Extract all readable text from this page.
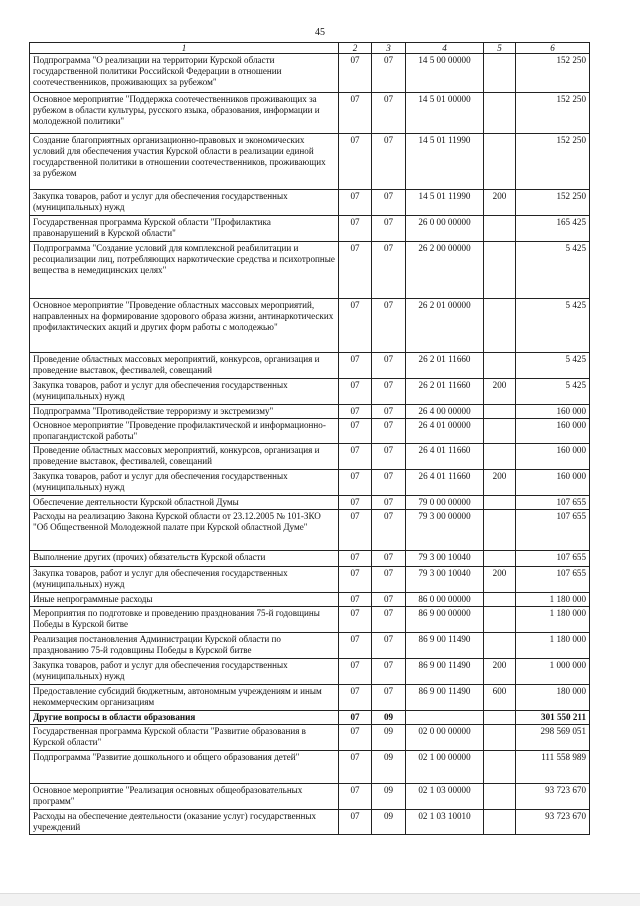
45
1	2	3	4	5	6
Подпрограмма "О реализации на территории Курской области государственной политики Российской Федерации в отношении соотечественников, проживающих за рубежом"	07	07	14 5 00 00000		152 250
Основное мероприятие "Поддержка соотечественников проживающих за рубежом в области культуры, русского языка, образования, информации и молодежной политики"	07	07	14 5 01 00000		152 250
Создание благоприятных организационно-правовых и экономических условий для обеспечения участия Курской области в реализации единой государственной политики в отношении соотечественников, проживающих за рубежом	07	07	14 5 01 11990		152 250
Закупка товаров, работ и услуг для обеспечения государственных (муниципальных) нужд	07	07	14 5 01 11990	200	152 250
Государственная программа Курской области "Профилактика правонарушений в Курской области"	07	07	26 0 00 00000		165 425
Подпрограмма "Создание условий для комплексной реабилитации и ресоциализации лиц, потребляющих наркотические средства и психотропные вещества в немедицинских целях"	07	07	26 2 00 00000		5 425
Основное мероприятие "Проведение областных массовых мероприятий, направленных на формирование здорового образа жизни, антинаркотических профилактических акций и других форм работы с молодежью"	07	07	26 2 01 00000		5 425
Проведение областных массовых мероприятий, конкурсов, организация и проведение выставок, фестивалей, совещаний	07	07	26 2 01 11660		5 425
Закупка товаров, работ и услуг для обеспечения государственных (муниципальных) нужд	07	07	26 2 01 11660	200	5 425
Подпрограмма "Противодействие терроризму и экстремизму"	07	07	26 4 00 00000		160 000
Основное мероприятие "Проведение профилактической и информационно-пропагандистской работы"	07	07	26 4 01 00000		160 000
Проведение областных массовых мероприятий, конкурсов, организация и проведение выставок, фестивалей, совещаний	07	07	26 4 01 11660		160 000
Закупка товаров, работ и услуг для обеспечения государственных (муниципальных) нужд	07	07	26 4 01 11660	200	160 000
Обеспечение деятельности Курской областной Думы	07	07	79 0 00 00000		107 655
Расходы на реализацию Закона Курской области от 23.12.2005 № 101-ЗКО "Об Общественной Молодежной палате при Курской областной Думе"	07	07	79 3 00 00000		107 655
Выполнение других (прочих) обязательств Курской области	07	07	79 3 00 10040		107 655
Закупка товаров, работ и услуг для обеспечения государственных (муниципальных) нужд	07	07	79 3 00 10040	200	107 655
Иные непрограммные расходы	07	07	86 0 00 00000		1 180 000
Мероприятия по подготовке и проведению празднования 75-й годовщины Победы в Курской битве	07	07	86 9 00 00000		1 180 000
Реализация постановления Администрации Курской области по празднованию 75-й годовщины Победы в Курской битве	07	07	86 9 00 11490		1 180 000
Закупка товаров, работ и услуг для обеспечения государственных (муниципальных) нужд	07	07	86 9 00 11490	200	1 000 000
Предоставление субсидий бюджетным, автономным учреждениям и иным некоммерческим организациям	07	07	86 9 00 11490	600	180 000
Другие вопросы в области образования	07	09			301 550 211
Государственная программа Курской области "Развитие образования в Курской области"	07	09	02 0 00 00000		298 569 051
Подпрограмма "Развитие дошкольного и общего образования детей"	07	09	02 1 00 00000		111 558 989
Основное мероприятие "Реализация основных общеобразовательных программ"	07	09	02 1 03 00000		93 723 670
Расходы на обеспечение деятельности (оказание услуг) государственных учреждений	07	09	02 1 03 10010		93 723 670
